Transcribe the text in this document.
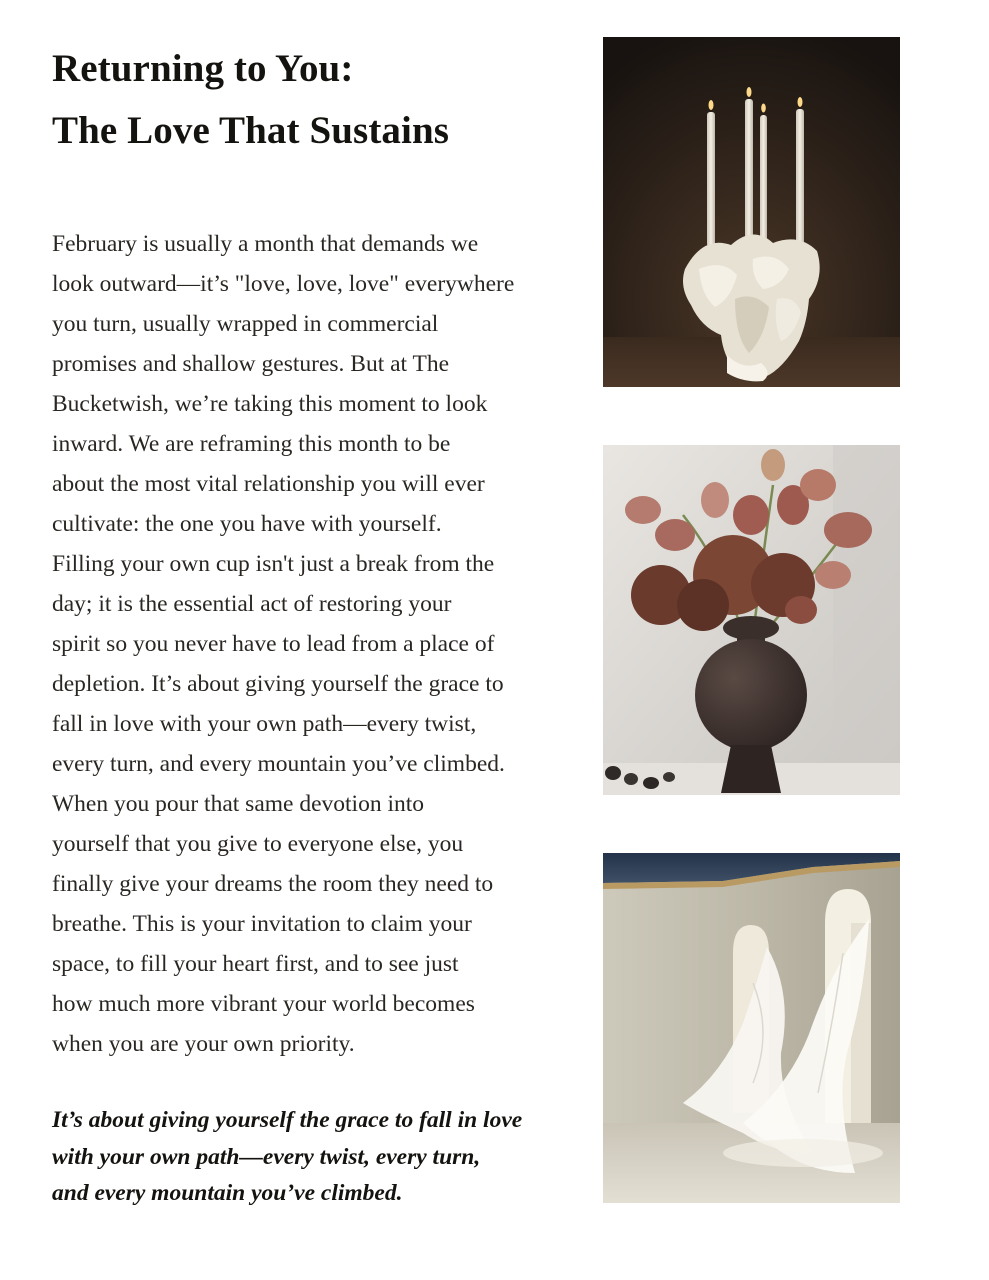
Returning to You:
The Love That Sustains

February is usually a month that demands we
look outward—it’s "love, love, love" everywhere
you turn, usually wrapped in commercial
promises and shallow gestures. But at The
Bucketwish, we’re taking this moment to look
inward. We are reframing this month to be
about the most vital relationship you will ever
cultivate: the one you have with yourself.
Filling your own cup isn't just a break from the
day; it is the essential act of restoring your
spirit so you never have to lead from a place of
depletion. It’s about giving yourself the grace to
fall in love with your own path—every twist,
every turn, and every mountain you’ve climbed.
When you pour that same devotion into
yourself that you give to everyone else, you
finally give your dreams the room they need to
breathe. This is your invitation to claim your
space, to fill your heart first, and to see just
how much more vibrant your world becomes
when you are your own priority.

It’s about giving yourself the grace to fall in love
with your own path—every twist, every turn,
and every mountain you’ve climbed.
